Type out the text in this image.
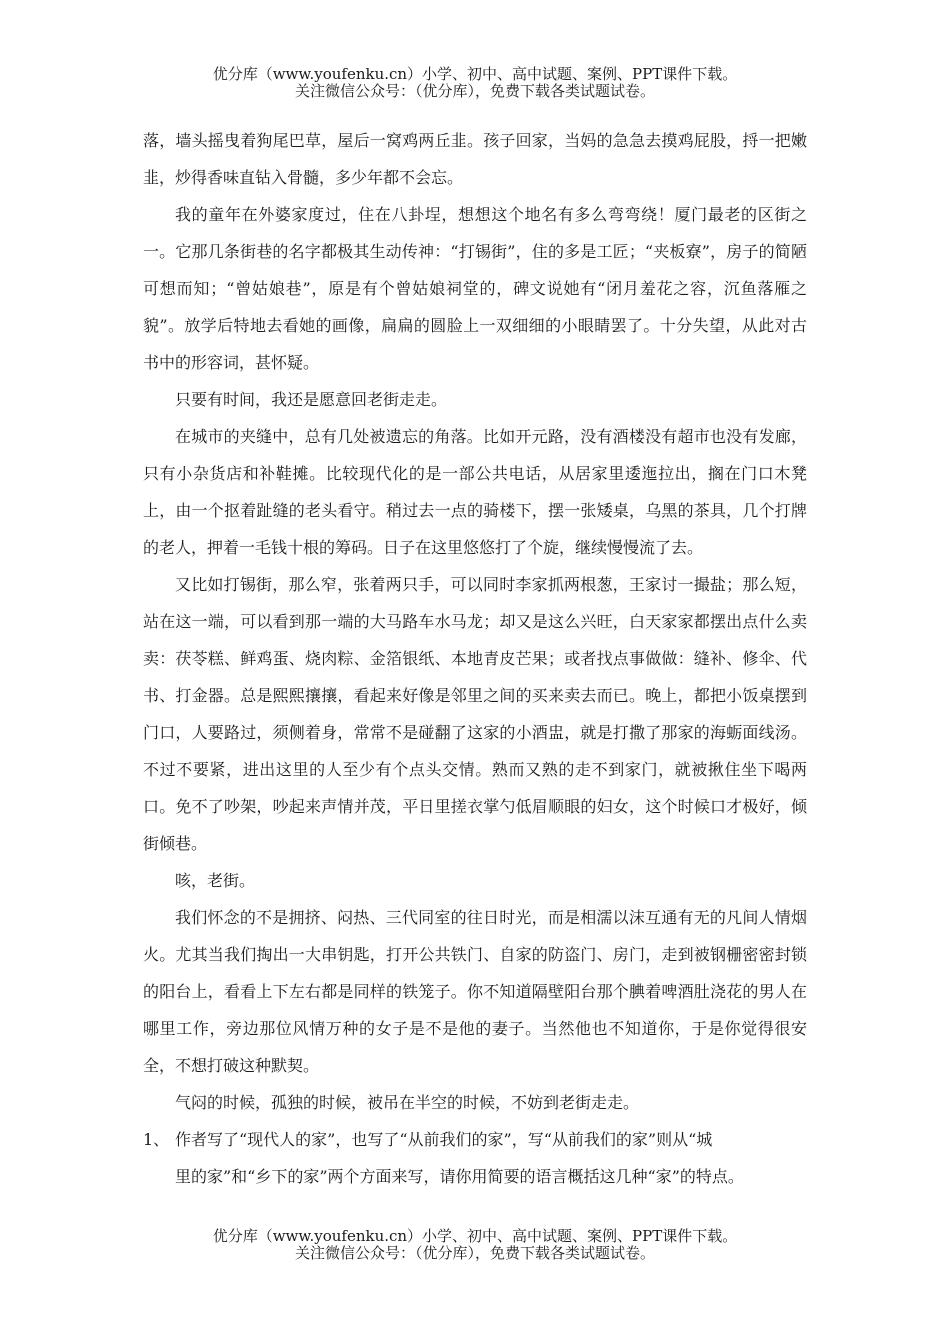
优分库（www.youfenku.cn）小学、初中、高中试题、案例、PPT课件下载。
关注微信公众号：（优分库），免费下载各类试题试卷。

落，墙头摇曳着狗尾巴草，屋后一窝鸡两丘韭。孩子回家，当妈的急急去摸鸡屁股，捋一把嫩韭，炒得香味直钻入骨髓，多少年都不会忘。

我的童年在外婆家度过，住在八卦埕，想想这个地名有多么弯弯绕！厦门最老的区街之一。它那几条街巷的名字都极其生动传神：“打锡街”，住的多是工匠；“夹板寮”，房子的简陋可想而知；“曾姑娘巷”，原是有个曾姑娘祠堂的，碑文说她有“闭月羞花之容，沉鱼落雁之貌”。放学后特地去看她的画像，扁扁的圆脸上一双细细的小眼睛罢了。十分失望，从此对古书中的形容词，甚怀疑。

只要有时间，我还是愿意回老街走走。

在城市的夹缝中，总有几处被遗忘的角落。比如开元路，没有酒楼没有超市也没有发廊，只有小杂货店和补鞋摊。比较现代化的是一部公共电话，从居家里逶迤拉出，搁在门口木凳上，由一个抠着趾缝的老头看守。稍过去一点的骑楼下，摆一张矮桌，乌黑的茶具，几个打牌的老人，押着一毛钱十根的筹码。日子在这里悠悠打了个旋，继续慢慢流了去。

又比如打锡街，那么窄，张着两只手，可以同时李家抓两根葱，王家讨一撮盐；那么短，站在这一端，可以看到那一端的大马路车水马龙；却又是这么兴旺，白天家家都摆出点什么卖卖：茯苓糕、鲜鸡蛋、烧肉粽、金箔银纸、本地青皮芒果；或者找点事做做：缝补、修伞、代书、打金器。总是熙熙攘攘，看起来好像是邻里之间的买来卖去而已。晚上，都把小饭桌摆到门口，人要路过，须侧着身，常常不是碰翻了这家的小酒盅，就是打撒了那家的海蛎面线汤。不过不要紧，进出这里的人至少有个点头交情。熟而又熟的走不到家门，就被揪住坐下喝两口。免不了吵架，吵起来声情并茂，平日里搓衣掌勺低眉顺眼的妇女，这个时候口才极好，倾街倾巷。

咳，老街。

我们怀念的不是拥挤、闷热、三代同室的往日时光，而是相濡以沫互通有无的凡间人情烟火。尤其当我们掏出一大串钥匙，打开公共铁门、自家的防盗门、房门，走到被钢栅密密封锁的阳台上，看看上下左右都是同样的铁笼子。你不知道隔壁阳台那个腆着啤酒肚浇花的男人在哪里工作，旁边那位风情万种的女子是不是他的妻子。当然他也不知道你，于是你觉得很安全，不想打破这种默契。

气闷的时候，孤独的时候，被吊在半空的时候，不妨到老街走走。

1、 作者写了“现代人的家”，也写了“从前我们的家”，写“从前我们的家”则从“城
里的家”和“乡下的家”两个方面来写，请你用简要的语言概括这几种“家”的特点。
优分库（www.youfenku.cn）小学、初中、高中试题、案例、PPT课件下载。
关注微信公众号：（优分库），免费下载各类试题试卷。
